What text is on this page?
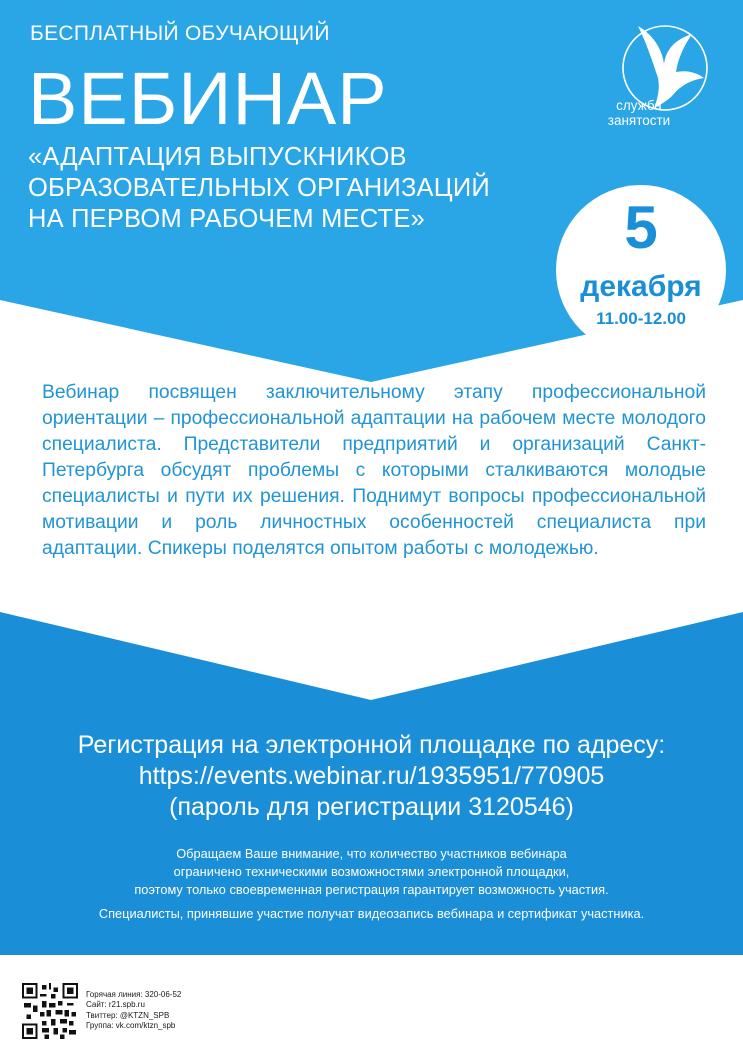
БЕСПЛАТНЫЙ ОБУЧАЮЩИЙ
ВЕБИНАР
«АДАПТАЦИЯ ВЫПУСКНИКОВ
ОБРАЗОВАТЕЛЬНЫХ ОРГАНИЗАЦИЙ
НА ПЕРВОМ РАБОЧЕМ МЕСТЕ»
служба
занятости
5
декабря
11.00-12.00

Вебинар посвящен заключительному этапу профессиональной ориентации – профессиональной адаптации на рабочем месте молодого специалиста. Представители предприятий и организаций Санкт-Петербурга обсудят проблемы с которыми сталкиваются молодые специалисты и пути их решения. Поднимут вопросы профессиональной мотивации и роль личностных особенностей специалиста при адаптации. Спикеры поделятся опытом работы с молодежью.

Регистрация на электронной площадке по адресу:
https://events.webinar.ru/1935951/770905
(пароль для регистрации 3120546)
Обращаем Ваше внимание, что количество участников вебинара
ограничено техническими возможностями электронной площадки,
поэтому только своевременная регистрация гарантирует возможность участия.
Специалисты, принявшие участие получат видеозапись вебинара и сертификат участника.
Горячая линия: 320-06-52
Сайт: r21.spb.ru
Твиттер: @KTZN_SPB
Группа: vk.com/ktzn_spb
